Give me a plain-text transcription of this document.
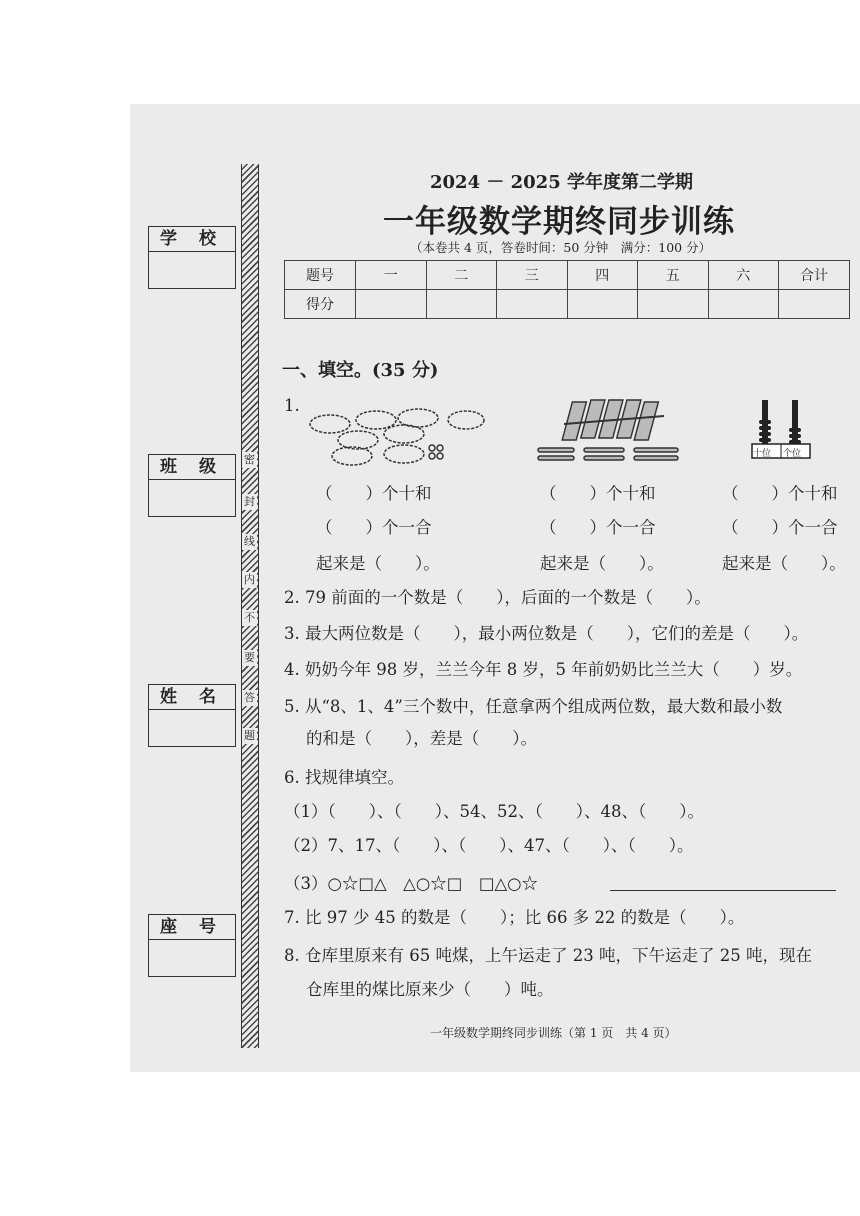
2024 － 2025 学年度第二学期
一年级数学期终同步训练
（本卷共 4 页，答卷时间：50 分钟　满分：100 分）
密
封
线
内
不
要
答
题
学 校
班 级
姓 名
座 号
题号	一	二	三	四	五	六	合计
得分							
一、填空。(35 分)
1.
十位 个位
（　　）个十和
（　　）个一合
起来是（　　）。
（　　）个十和
（　　）个一合
起来是（　　）。
（　　）个十和
（　　）个一合
起来是（　　）。
2. 79 前面的一个数是（　　），后面的一个数是（　　）。
3. 最大两位数是（　　），最小两位数是（　　），它们的差是（　　）。
4. 奶奶今年 98 岁，兰兰今年 8 岁，5 年前奶奶比兰兰大（　　）岁。
5. 从“8、1、4”三个数中，任意拿两个组成两位数，最大数和最小数
的和是（　　），差是（　　）。
6. 找规律填空。
（1）（　　）、（　　）、54、52、（　　）、48、（　　）。
（2）7、17、（　　）、（　　）、47、（　　）、（　　）。
（3）○☆□△　△○☆□　□△○☆
7. 比 97 少 45 的数是（　　）；比 66 多 22 的数是（　　）。
8. 仓库里原来有 65 吨煤，上午运走了 23 吨，下午运走了 25 吨，现在
仓库里的煤比原来少（　　）吨。
一年级数学期终同步训练（第 1 页　共 4 页）
